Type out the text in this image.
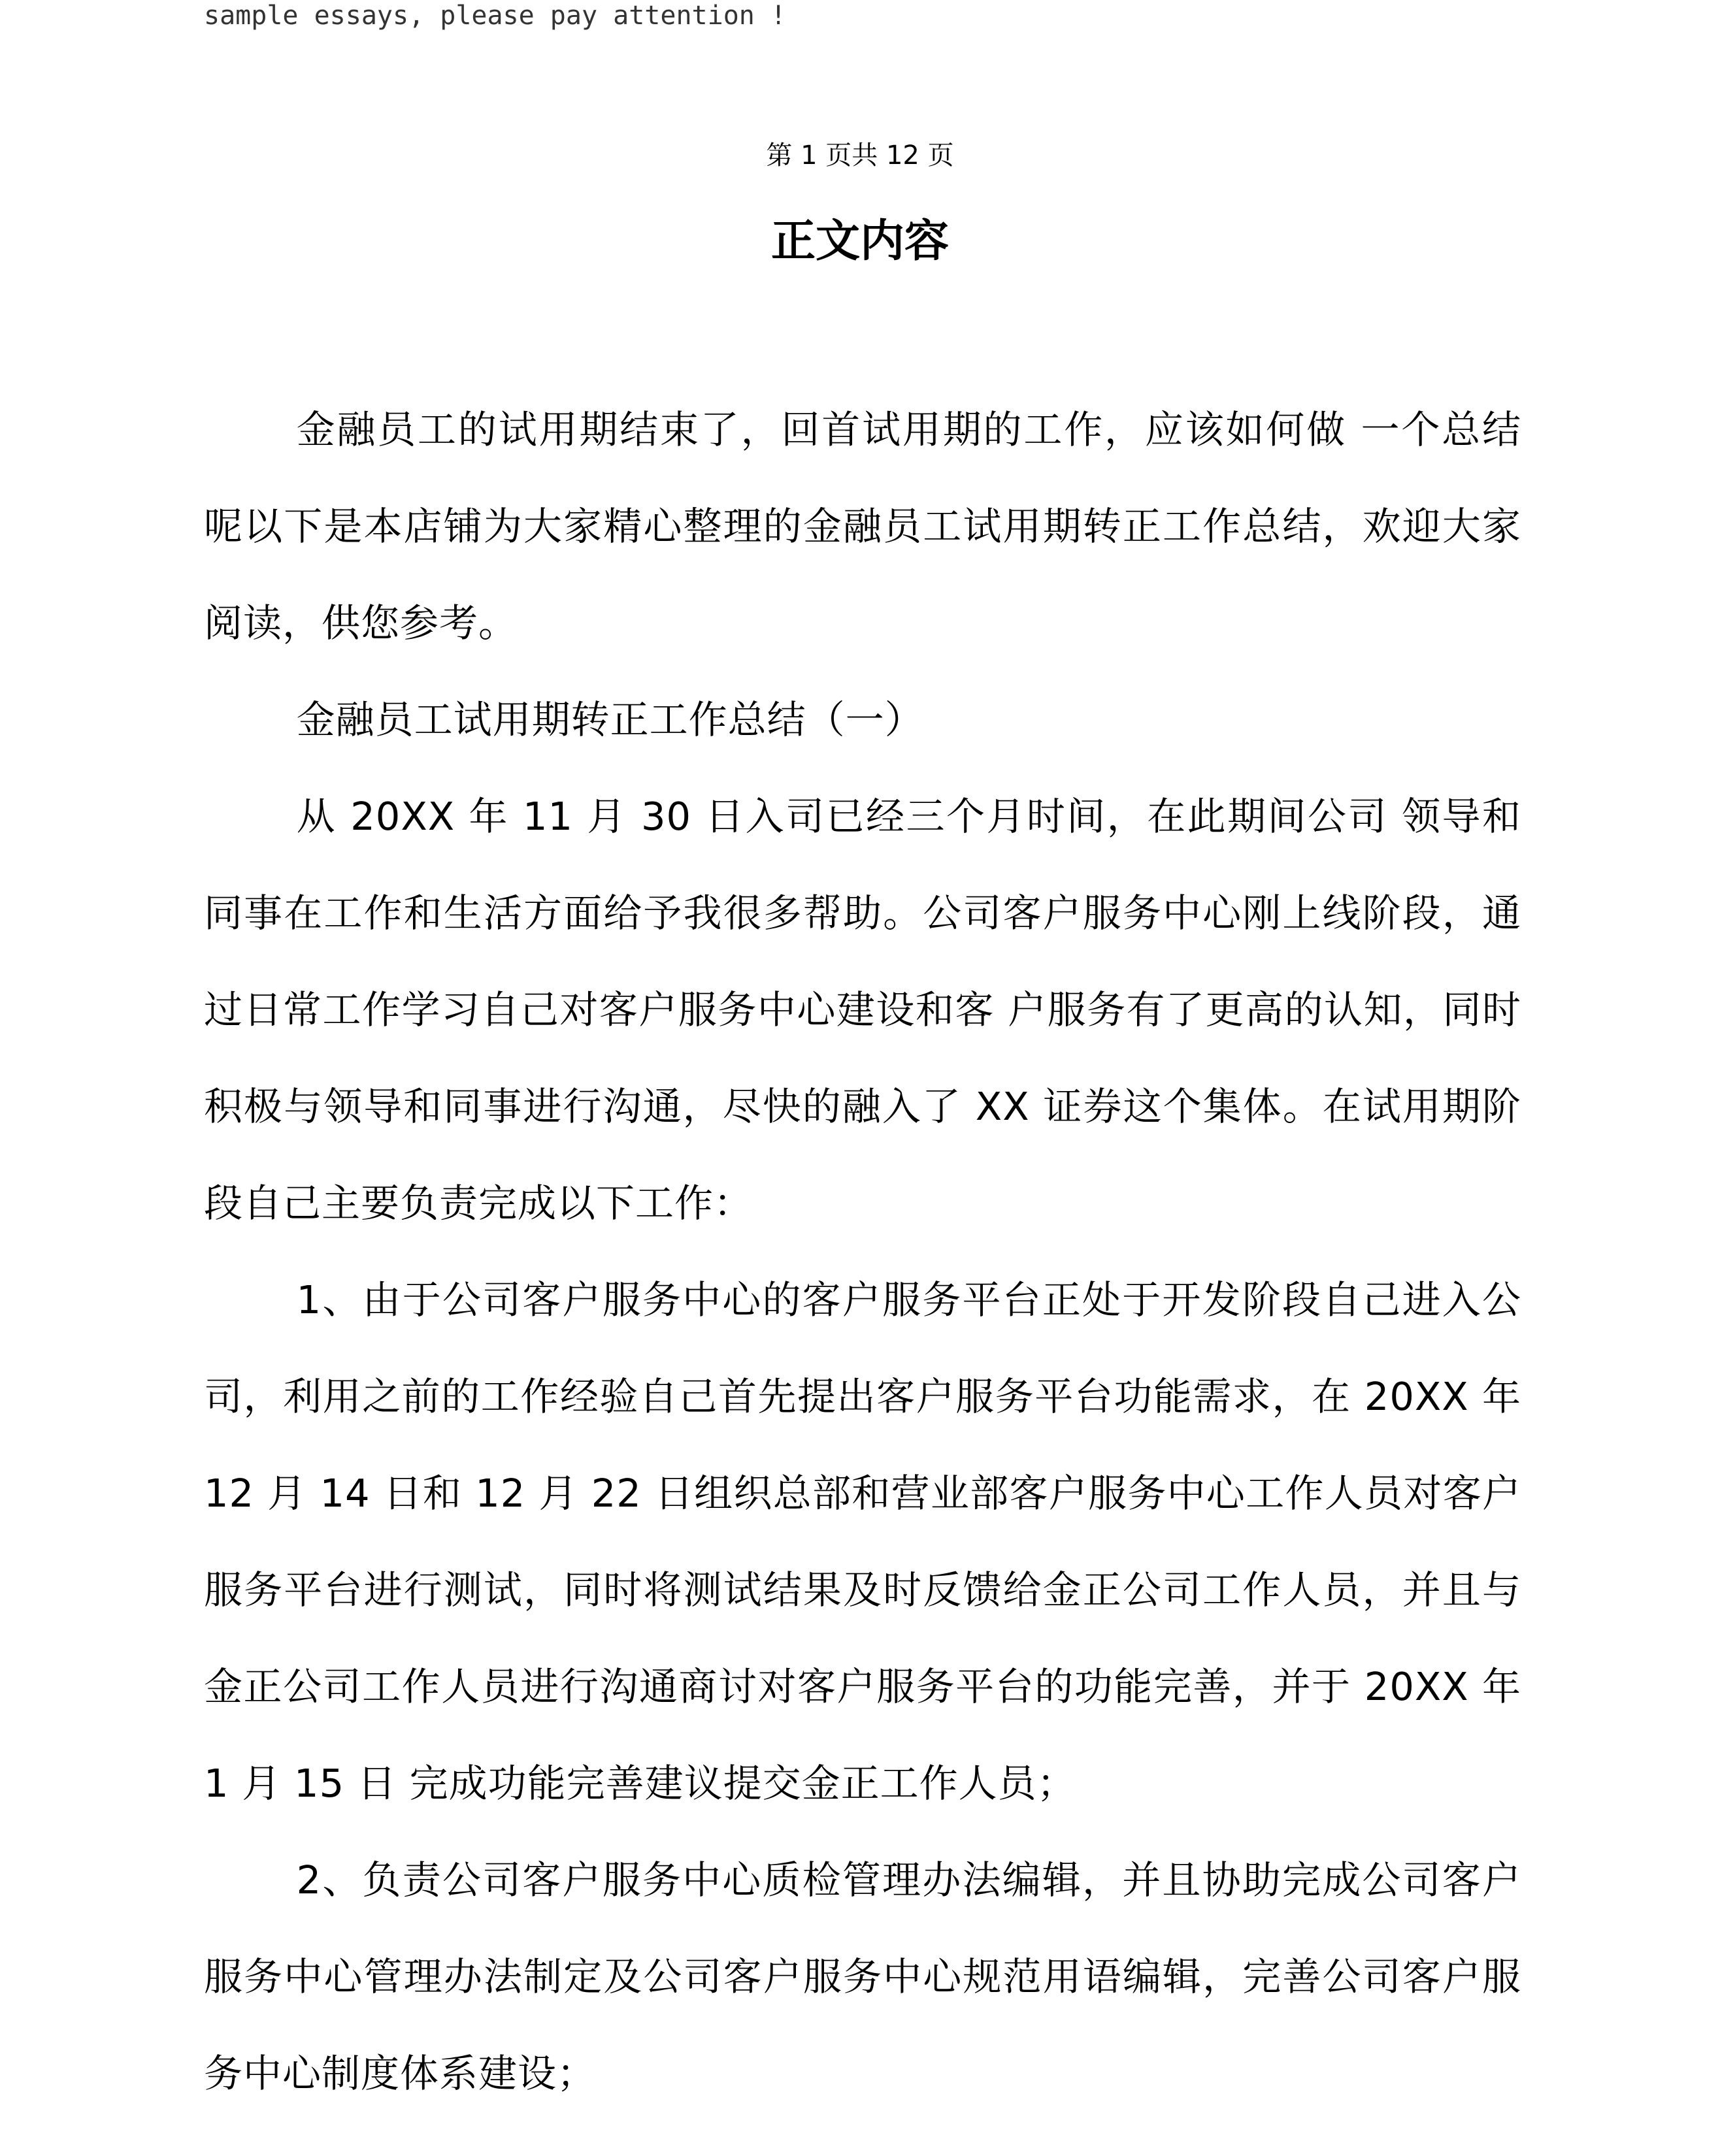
sample essays, please pay attention !
第 1 页共 12 页
正文内容

金融员工的试用期结束了，回首试用期的工作，应该如何做 一个总结呢以下是本店铺为大家精心整理的金融员工试用期转正工作总结，欢迎大家阅读，供您参考。

金融员工试用期转正工作总结（一）

从 20XX 年 11 月 30 日入司已经三个月时间，在此期间公司 领导和同事在工作和生活方面给予我很多帮助。公司客户服务中心刚上线阶段，通过日常工作学习自己对客户服务中心建设和客 户服务有了更高的认知，同时积极与领导和同事进行沟通，尽快的融入了 XX 证券这个集体。在试用期阶段自己主要负责完成以下工作：

1、由于公司客户服务中心的客户服务平台正处于开发阶段自己进入公司，利用之前的工作经验自己首先提出客户服务平台功能需求，在 20XX 年 12 月 14 日和 12 月 22 日组织总部和营业部客户服务中心工作人员对客户服务平台进行测试，同时将测试结果及时反馈给金正公司工作人员，并且与金正公司工作人员进行沟通商讨对客户服务平台的功能完善，并于 20XX 年 1 月 15 日 完成功能完善建议提交金正工作人员；

2、负责公司客户服务中心质检管理办法编辑，并且协助完成公司客户服务中心管理办法制定及公司客户服务中心规范用语编辑，完善公司客户服务中心制度体系建设；
